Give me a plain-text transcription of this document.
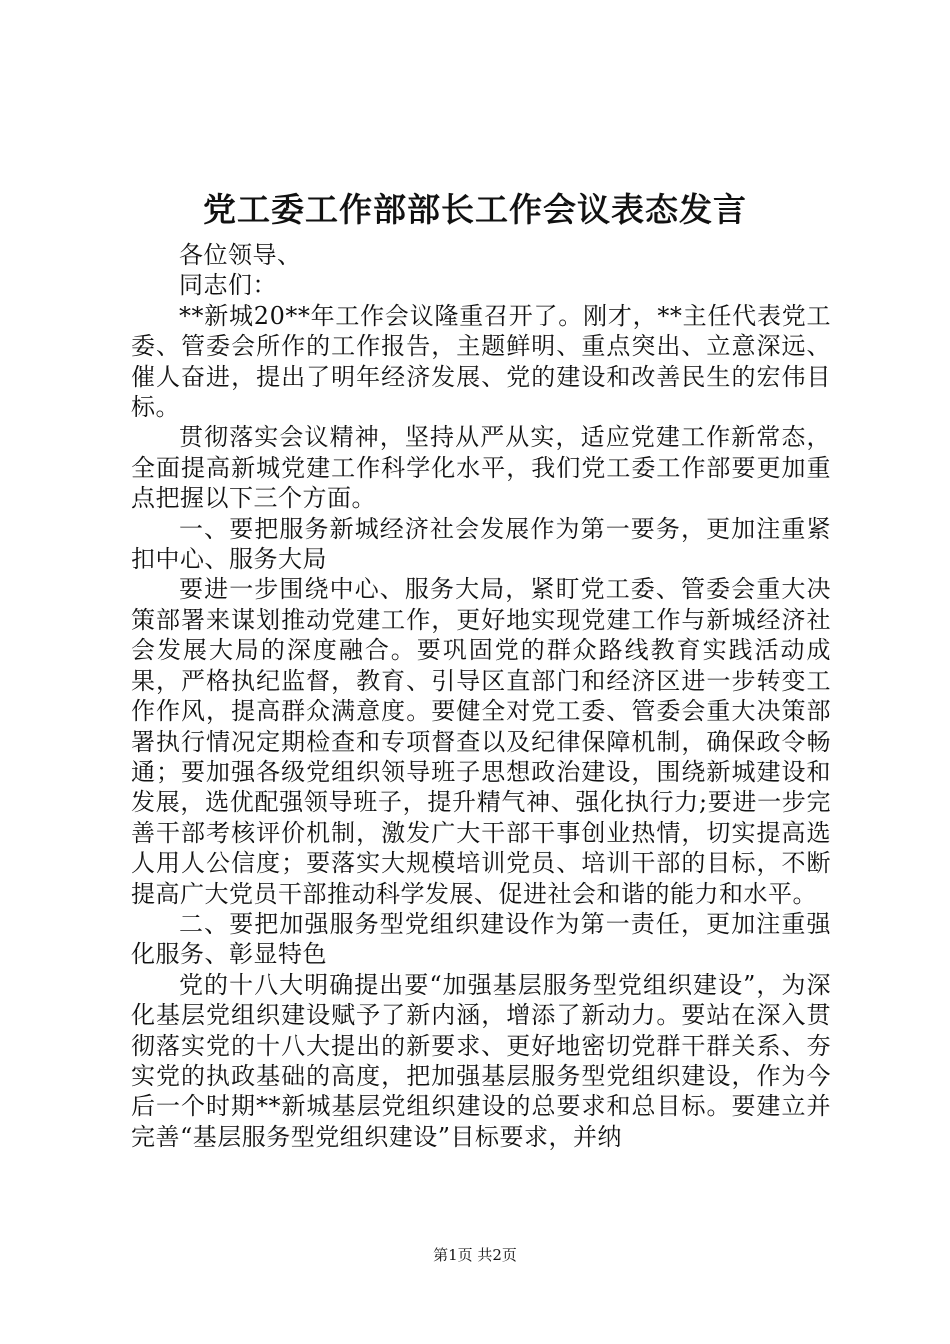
党工委工作部部长工作会议表态发言

各位领导、

同志们：

**新城20**年工作会议隆重召开了。刚才，**主任代表党工委、管委会所作的工作报告，主题鲜明、重点突出、立意深远、催人奋进，提出了明年经济发展、党的建设和改善民生的宏伟目标。

贯彻落实会议精神，坚持从严从实，适应党建工作新常态，全面提高新城党建工作科学化水平，我们党工委工作部要更加重点把握以下三个方面。

一、要把服务新城经济社会发展作为第一要务，更加注重紧扣中心、服务大局

要进一步围绕中心、服务大局，紧盯党工委、管委会重大决策部署来谋划推动党建工作，更好地实现党建工作与新城经济社会发展大局的深度融合。要巩固党的群众路线教育实践活动成果，严格执纪监督，教育、引导区直部门和经济区进一步转变工作作风，提高群众满意度。要健全对党工委、管委会重大决策部署执行情况定期检查和专项督查以及纪律保障机制，确保政令畅通；要加强各级党组织领导班子思想政治建设，围绕新城建设和发展，选优配强领导班子，提升精气神、强化执行力;要进一步完善干部考核评价机制，激发广大干部干事创业热情，切实提高选人用人公信度；要落实大规模培训党员、培训干部的目标，不断提高广大党员干部推动科学发展、促进社会和谐的能力和水平。

二、要把加强服务型党组织建设作为第一责任，更加注重强化服务、彰显特色

党的十八大明确提出要“加强基层服务型党组织建设”，为深化基层党组织建设赋予了新内涵，增添了新动力。要站在深入贯彻落实党的十八大提出的新要求、更好地密切党群干群关系、夯实党的执政基础的高度，把加强基层服务型党组织建设，作为今后一个时期**新城基层党组织建设的总要求和总目标。要建立并完善“基层服务型党组织建设”目标要求，并纳

第1页 共2页
